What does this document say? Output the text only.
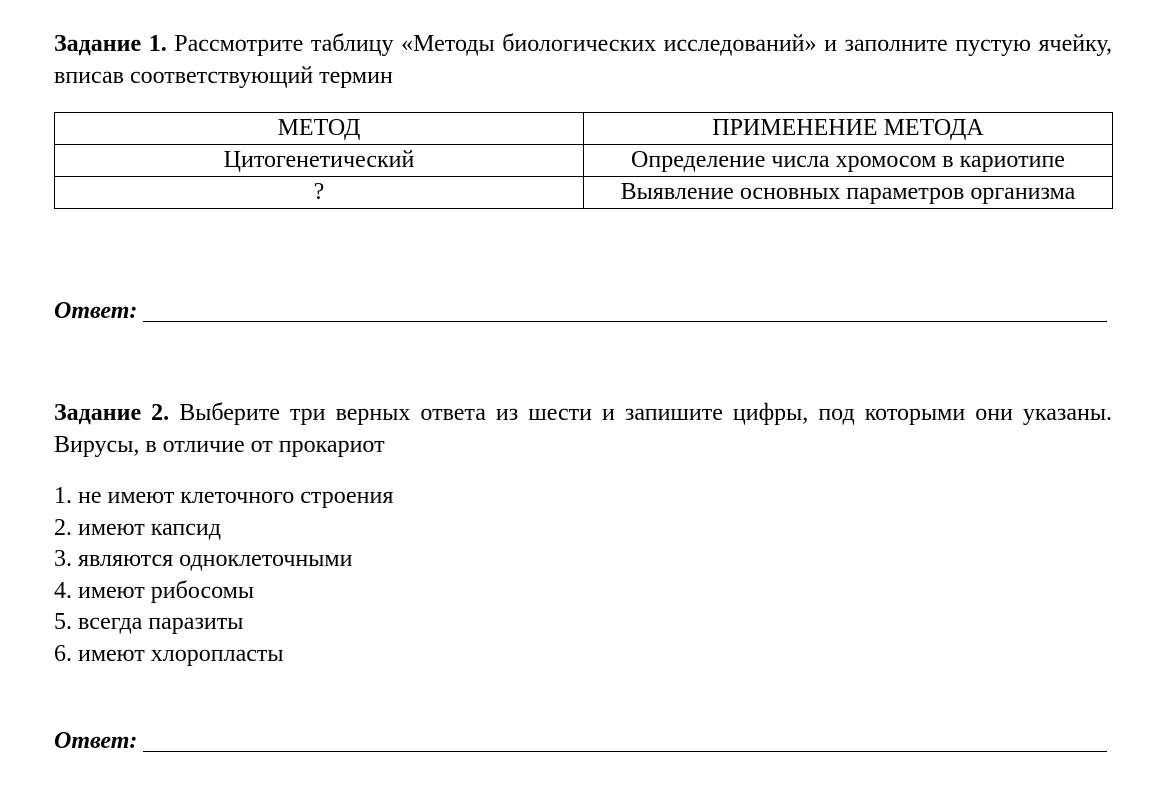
Задание 1. Рассмотрите таблицу «Методы биологических исследований» и заполните пустую ячейку, вписав соответствующий термин
МЕТОД	ПРИМЕНЕНИЕ МЕТОДА
Цитогенетический	Определение числа хромосом в кариотипе
?	Выявление основных параметров организма
Ответ:
Задание 2. Выберите три верных ответа из шести и запишите цифры, под которыми они указаны. Вирусы, в отличие от прокариот
1. не имеют клеточного строения
2. имеют капсид
3. являются одноклеточными
4. имеют рибосомы
5. всегда паразиты
6. имеют хлоропласты
Ответ:
